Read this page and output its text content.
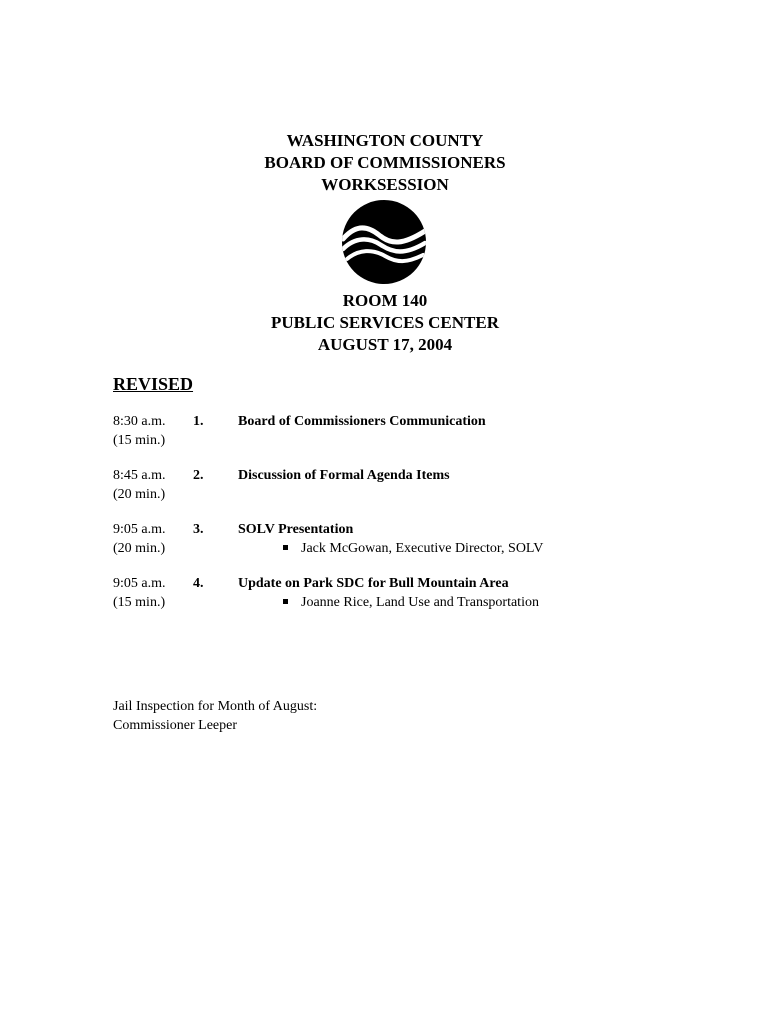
WASHINGTON COUNTY
BOARD OF COMMISSIONERS
WORKSESSION
ROOM 140
PUBLIC SERVICES CENTER
AUGUST 17, 2004
REVISED
8:30 a.m.
(15 min.)
1. Board of Commissioners Communication
8:45 a.m.
(20 min.)
2. Discussion of Formal Agenda Items
9:05 a.m.
(20 min.)
3. SOLV Presentation
Jack McGowan, Executive Director, SOLV
9:05 a.m.
(15 min.)
4. Update on Park SDC for Bull Mountain Area
Joanne Rice, Land Use and Transportation
Jail Inspection for Month of August:
Commissioner Leeper
